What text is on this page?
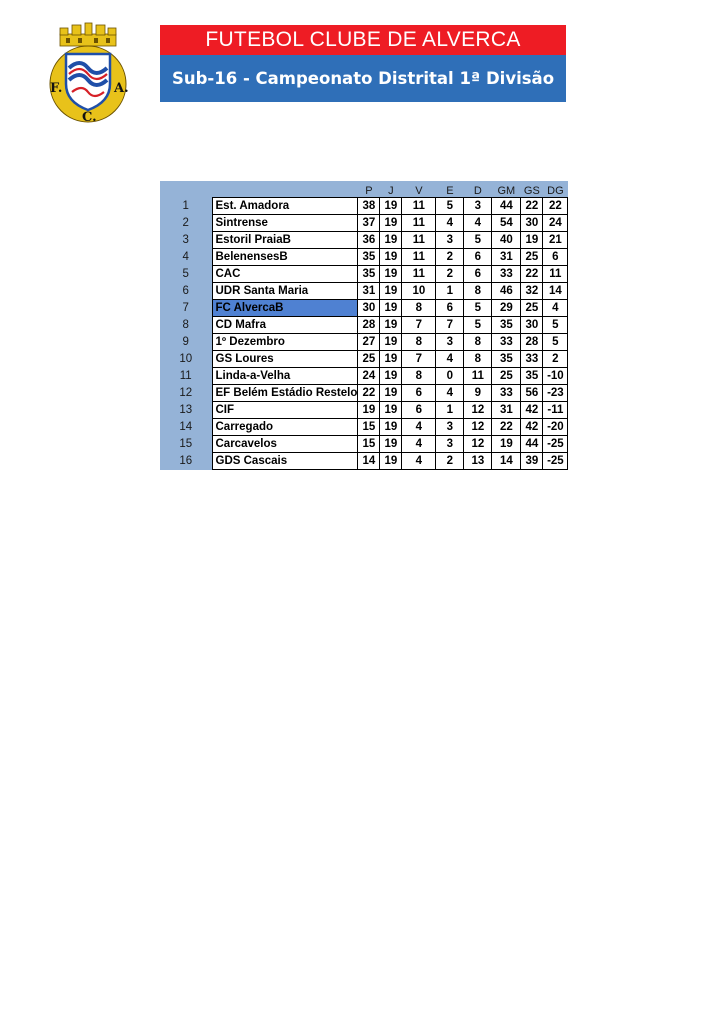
F.
C.
A.
FUTEBOL CLUBE DE ALVERCA
Sub-16 - Campeonato Distrital 1ª Divisão
		P	J	V	E	D	GM	GS	DG
1	Est. Amadora	38	19	11	5	3	44	22	22
2	Sintrense	37	19	11	4	4	54	30	24
3	Estoril PraiaB	36	19	11	3	5	40	19	21
4	BelenensesB	35	19	11	2	6	31	25	6
5	CAC	35	19	11	2	6	33	22	11
6	UDR Santa Maria	31	19	10	1	8	46	32	14
7	FC AlvercaB	30	19	8	6	5	29	25	4
8	CD Mafra	28	19	7	7	5	35	30	5
9	1º Dezembro	27	19	8	3	8	33	28	5
10	GS Loures	25	19	7	4	8	35	33	2
11	Linda-a-Velha	24	19	8	0	11	25	35	-10
12	EF Belém Estádio Restelo	22	19	6	4	9	33	56	-23
13	CIF	19	19	6	1	12	31	42	-11
14	Carregado	15	19	4	3	12	22	42	-20
15	Carcavelos	15	19	4	3	12	19	44	-25
16	GDS Cascais	14	19	4	2	13	14	39	-25
